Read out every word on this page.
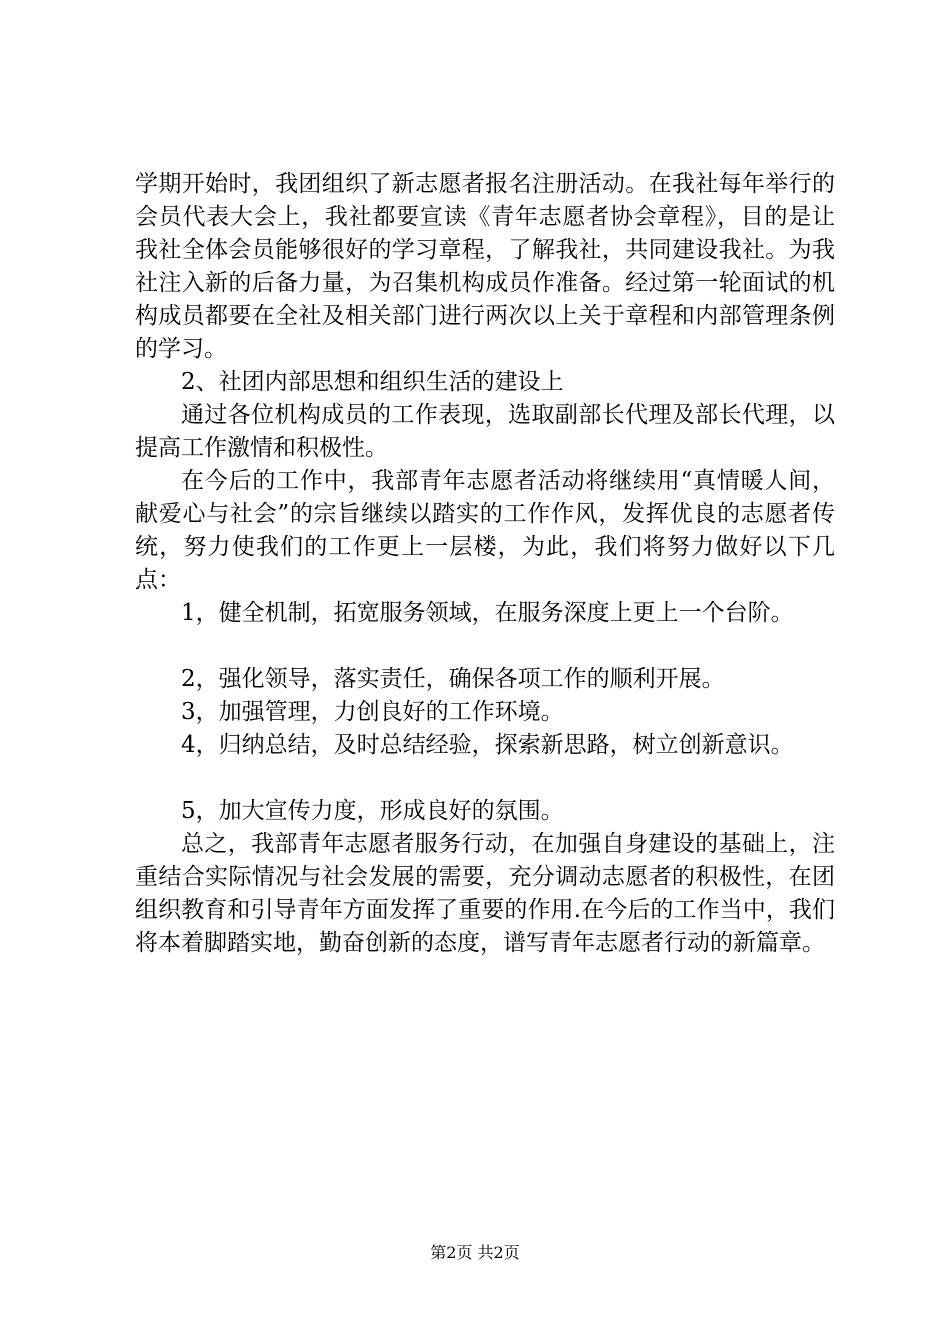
学期开始时，我团组织了新志愿者报名注册活动。在我社每年举行的会员代表大会上，我社都要宣读《青年志愿者协会章程》，目的是让我社全体会员能够很好的学习章程，了解我社，共同建设我社。为我社注入新的后备力量，为召集机构成员作准备。经过第一轮面试的机构成员都要在全社及相关部门进行两次以上关于章程和内部管理条例的学习。

2、社团内部思想和组织生活的建设上

通过各位机构成员的工作表现，选取副部长代理及部长代理，以提高工作激情和积极性。

在今后的工作中，我部青年志愿者活动将继续用“真情暖人间，献爱心与社会”的宗旨继续以踏实的工作作风，发挥优良的志愿者传统，努力使我们的工作更上一层楼，为此，我们将努力做好以下几点：

1，健全机制，拓宽服务领域，在服务深度上更上一个台阶。

2，强化领导，落实责任，确保各项工作的顺利开展。

3，加强管理，力创良好的工作环境。

4，归纳总结，及时总结经验，探索新思路，树立创新意识。

5，加大宣传力度，形成良好的氛围。

总之，我部青年志愿者服务行动，在加强自身建设的基础上，注重结合实际情况与社会发展的需要，充分调动志愿者的积极性，在团组织教育和引导青年方面发挥了重要的作用.在今后的工作当中，我们将本着脚踏实地，勤奋创新的态度，谱写青年志愿者行动的新篇章。

第2页 共2页
